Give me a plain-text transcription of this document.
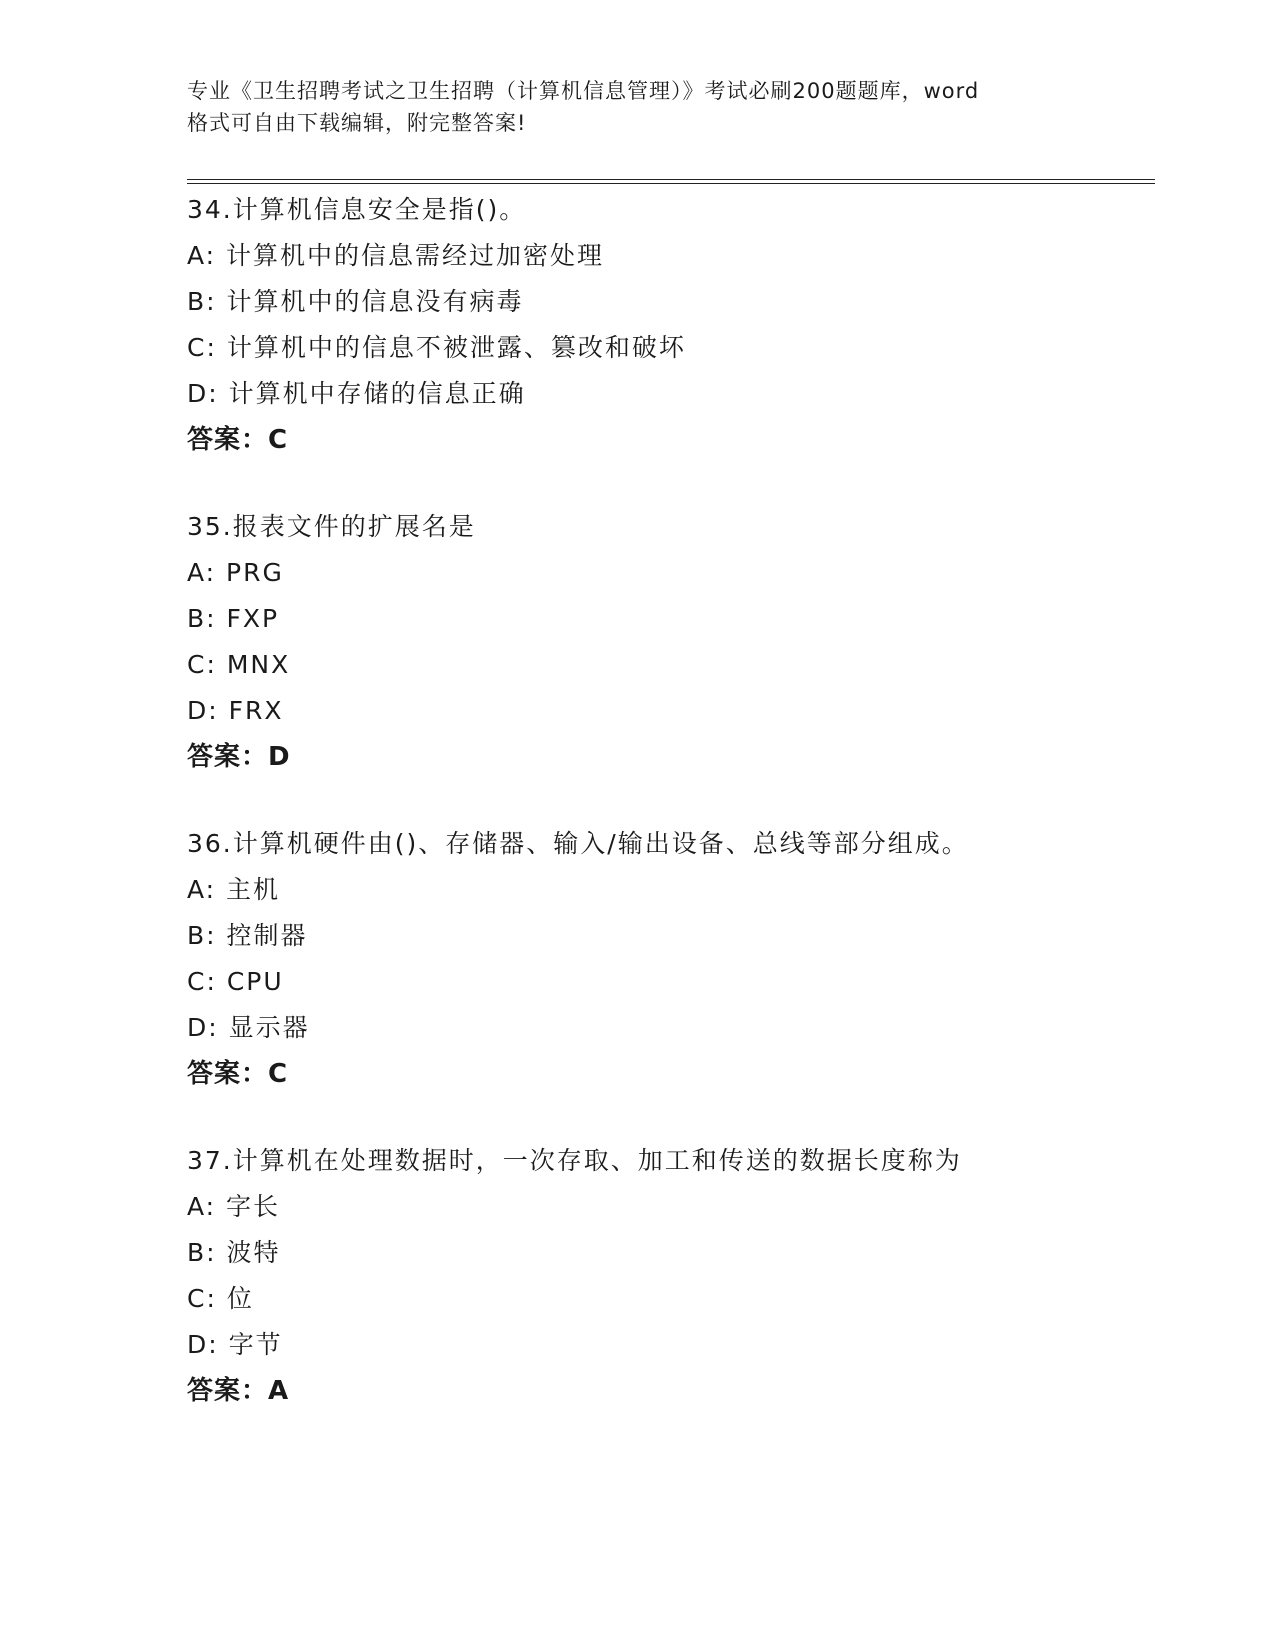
专业《卫生招聘考试之卫生招聘（计算机信息管理）》考试必刷200题题库，word
格式可自由下载编辑，附完整答案!
34.计算机信息安全是指()。
A: 计算机中的信息需经过加密处理
B: 计算机中的信息没有病毒
C: 计算机中的信息不被泄露、篡改和破坏
D: 计算机中存储的信息正确
答案：C
35.报表文件的扩展名是
A: PRG
B: FXP
C: MNX
D: FRX
答案：D
36.计算机硬件由()、存储器、输入/输出设备、总线等部分组成。
A: 主机
B: 控制器
C: CPU
D: 显示器
答案：C
37.计算机在处理数据时，一次存取、加工和传送的数据长度称为
A: 字长
B: 波特
C: 位
D: 字节
答案：A
